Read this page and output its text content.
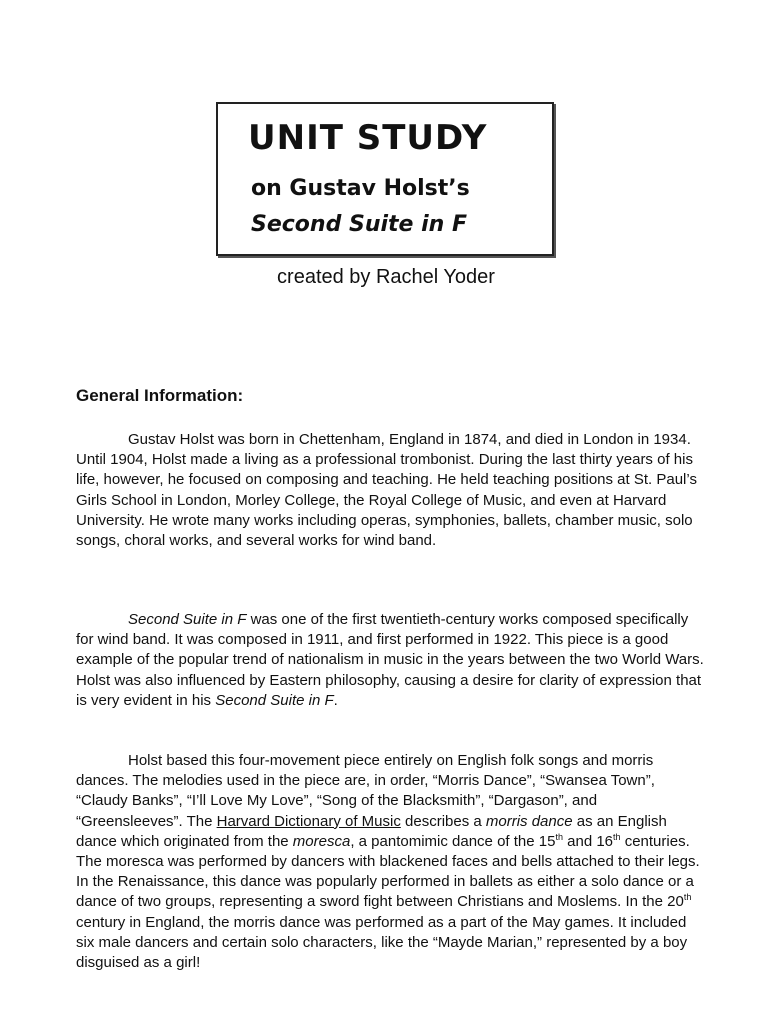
UNIT STUDY
on Gustav Holst’s
Second Suite in F
created by Rachel Yoder
General Information:

Gustav Holst was born in Chettenham, England in 1874, and died in London in 1934. Until 1904, Holst made a living as a professional trombonist. During the last thirty years of his life, however, he focused on composing and teaching. He held teaching positions at St. Paul’s Girls School in London, Morley College, the Royal College of Music, and even at Harvard University. He wrote many works including operas, symphonies, ballets, chamber music, solo songs, choral works, and several works for wind band.

Second Suite in F was one of the first twentieth-century works composed specifically for wind band. It was composed in 1911, and first performed in 1922. This piece is a good example of the popular trend of nationalism in music in the years between the two World Wars. Holst was also influenced by Eastern philosophy, causing a desire for clarity of expression that is very evident in his Second Suite in F.

Holst based this four-movement piece entirely on English folk songs and morris dances. The melodies used in the piece are, in order, “Morris Dance”, “Swansea Town”, “Claudy Banks”, “I’ll Love My Love”, “Song of the Blacksmith”, “Dargason”, and “Greensleeves”. The Harvard Dictionary of Music describes a morris dance as an English dance which originated from the moresca, a pantomimic dance of the 15th and 16th centuries. The moresca was performed by dancers with blackened faces and bells attached to their legs. In the Renaissance, this dance was popularly performed in ballets as either a solo dance or a dance of two groups, representing a sword fight between Christians and Moslems. In the 20th century in England, the morris dance was performed as a part of the May games. It included six male dancers and certain solo characters, like the “Mayde Marian,” represented by a boy disguised as a girl!
